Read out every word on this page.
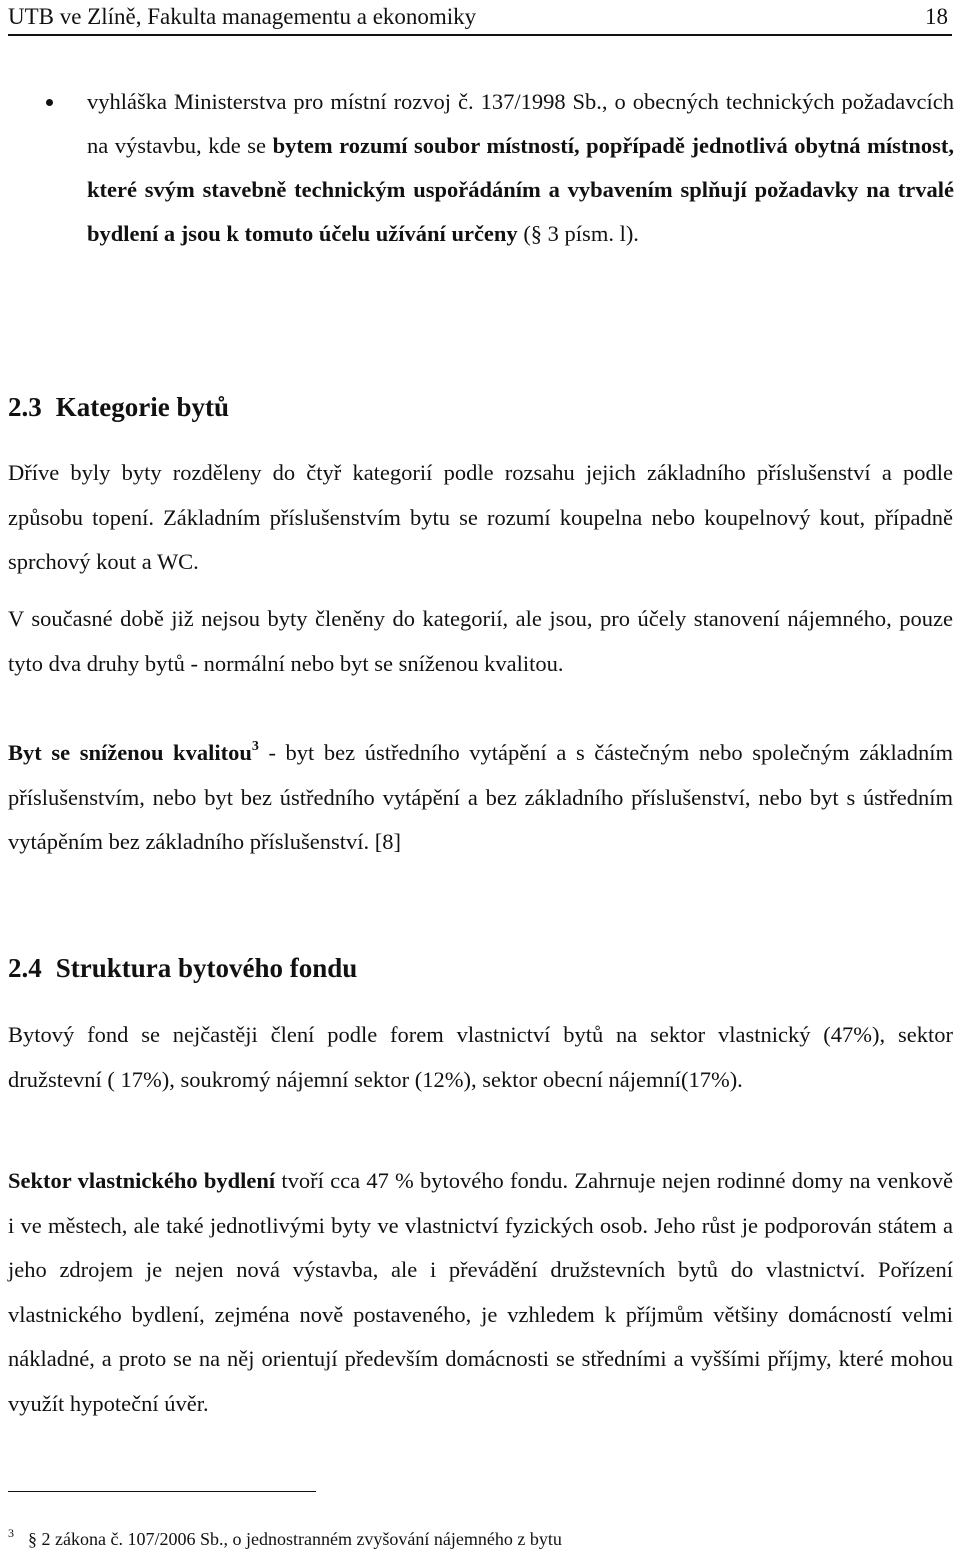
UTB ve Zlíně, Fakulta managementu a ekonomiky	18
vyhláška Ministerstva pro místní rozvoj č. 137/1998 Sb., o obecných technických požadavcích na výstavbu, kde se bytem rozumí soubor místností, popřípadě jednotlivá obytná místnost, které svým stavebně technickým uspořádáním a vybavením splňují požadavky na trvalé bydlení a jsou k tomuto účelu užívání určeny (§ 3 písm. l).
2.3 Kategorie bytů

Dříve byly byty rozděleny do čtyř kategorií podle rozsahu jejich základního příslušenství a podle způsobu topení. Základním příslušenstvím bytu se rozumí koupelna nebo koupelnový kout, případně sprchový kout a WC.

V současné době již nejsou byty členěny do kategorií, ale jsou, pro účely stanovení nájemného, pouze tyto dva druhy bytů - normální nebo byt se sníženou kvalitou.

Byt se sníženou kvalitou$^3$ - byt bez ústředního vytápění a s částečným nebo společným základním příslušenstvím, nebo byt bez ústředního vytápění a bez základního příslušenství, nebo byt s ústředním vytápěním bez základního příslušenství. [8]

2.4 Struktura bytového fondu

Bytový fond se nejčastěji člení podle forem vlastnictví bytů na sektor vlastnický (47%), sektor družstevní ( 17%), soukromý nájemní sektor (12%), sektor obecní nájemní(17%).

Sektor vlastnického bydlení tvoří cca 47 % bytového fondu. Zahrnuje nejen rodinné domy na venkově i ve městech, ale také jednotlivými byty ve vlastnictví fyzických osob. Jeho růst je podporován státem a jeho zdrojem je nejen nová výstavba, ale i převádění družstevních bytů do vlastnictví. Pořízení vlastnického bydlení, zejména nově postaveného, je vzhledem k příjmům většiny domácností velmi nákladné, a proto se na něj orientují především domácnosti se středními a vyššími příjmy, které mohou využít hypoteční úvěr.

$^3$ § 2 zákona č. 107/2006 Sb., o jednostranném zvyšování nájemného z bytu
